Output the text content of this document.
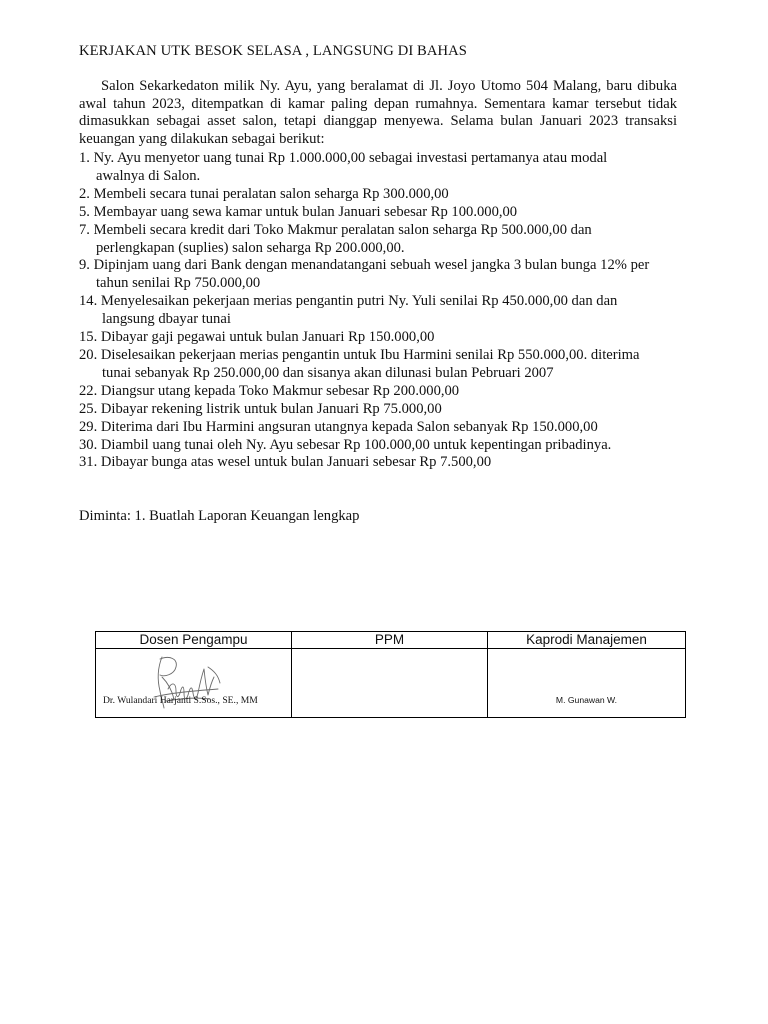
KERJAKAN UTK BESOK SELASA , LANGSUNG DI BAHAS
Salon Sekarkedaton milik Ny. Ayu, yang beralamat di Jl. Joyo Utomo 504 Malang, baru dibuka awal tahun 2023, ditempatkan di kamar paling depan rumahnya. Sementara kamar tersebut tidak dimasukkan sebagai asset salon, tetapi dianggap menyewa. Selama bulan Januari 2023 transaksi keuangan yang dilakukan sebagai berikut:
1. Ny. Ayu menyetor uang tunai Rp 1.000.000,00 sebagai investasi pertamanya atau modal
awalnya di Salon.
2. Membeli secara tunai peralatan salon seharga Rp 300.000,00
5. Membayar uang sewa kamar untuk bulan Januari sebesar Rp 100.000,00
7. Membeli secara kredit dari Toko Makmur peralatan salon seharga Rp 500.000,00 dan
perlengkapan (suplies) salon seharga Rp 200.000,00.
9. Dipinjam uang dari Bank dengan menandatangani sebuah wesel jangka 3 bulan bunga 12% per
tahun senilai Rp 750.000,00
14. Menyelesaikan pekerjaan merias pengantin putri Ny. Yuli senilai Rp 450.000,00 dan dan
langsung dbayar tunai
15. Dibayar gaji pegawai untuk bulan Januari Rp 150.000,00
20. Diselesaikan pekerjaan merias pengantin untuk Ibu Harmini senilai Rp 550.000,00. diterima
tunai sebanyak Rp 250.000,00 dan sisanya akan dilunasi bulan Pebruari 2007
22. Diangsur utang kepada Toko Makmur sebesar Rp 200.000,00
25. Dibayar rekening listrik untuk bulan Januari Rp 75.000,00
29. Diterima dari Ibu Harmini angsuran utangnya kepada Salon sebanyak Rp 150.000,00
30. Diambil uang tunai oleh Ny. Ayu sebesar Rp 100.000,00 untuk kepentingan pribadinya.
31. Dibayar bunga atas wesel untuk bulan Januari sebesar Rp 7.500,00
Diminta: 1. Buatlah Laporan Keuangan lengkap
Dosen Pengampu	PPM	Kaprodi Manajemen

Dr. Wulandari Harjanti S.Sos., SE., MM		M. Gunawan W.
